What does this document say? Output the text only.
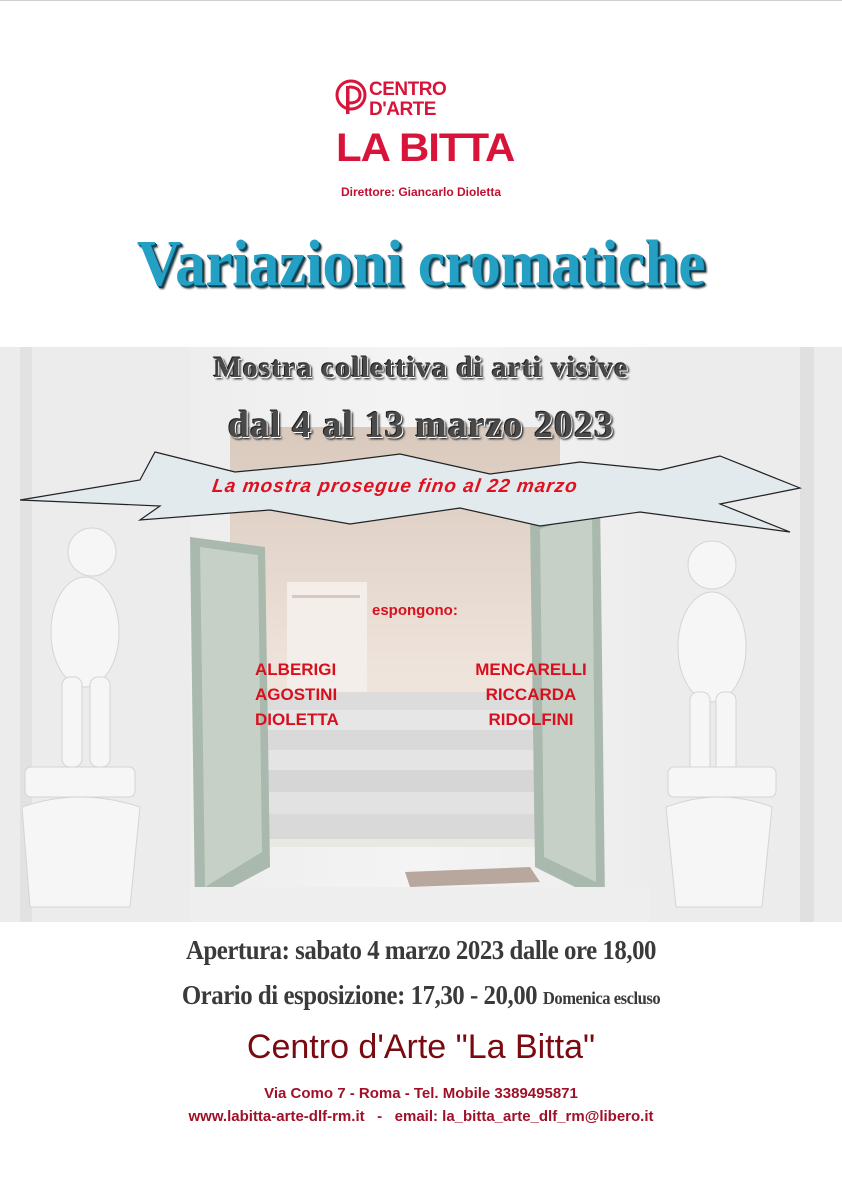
CENTRO
D'ARTE
LA BITTA
Direttore: Giancarlo Dioletta
Variazioni cromatiche
Mostra collettiva di arti visive
dal 4 al 13 marzo 2023
La mostra prosegue fino al 22 marzo
espongono:
ALBERIGI
AGOSTINI
DIOLETTA
MENCARELLI
RICCARDA
RIDOLFINI
Apertura: sabato 4 marzo 2023 dalle ore 18,00
Orario di esposizione: 17,30 - 20,00 Domenica escluso
Centro d'Arte "La Bitta"
Via Como 7 - Roma - Tel. Mobile 3389495871
www.labitta-arte-dlf-rm.it - email: la_bitta_arte_dlf_rm@libero.it
